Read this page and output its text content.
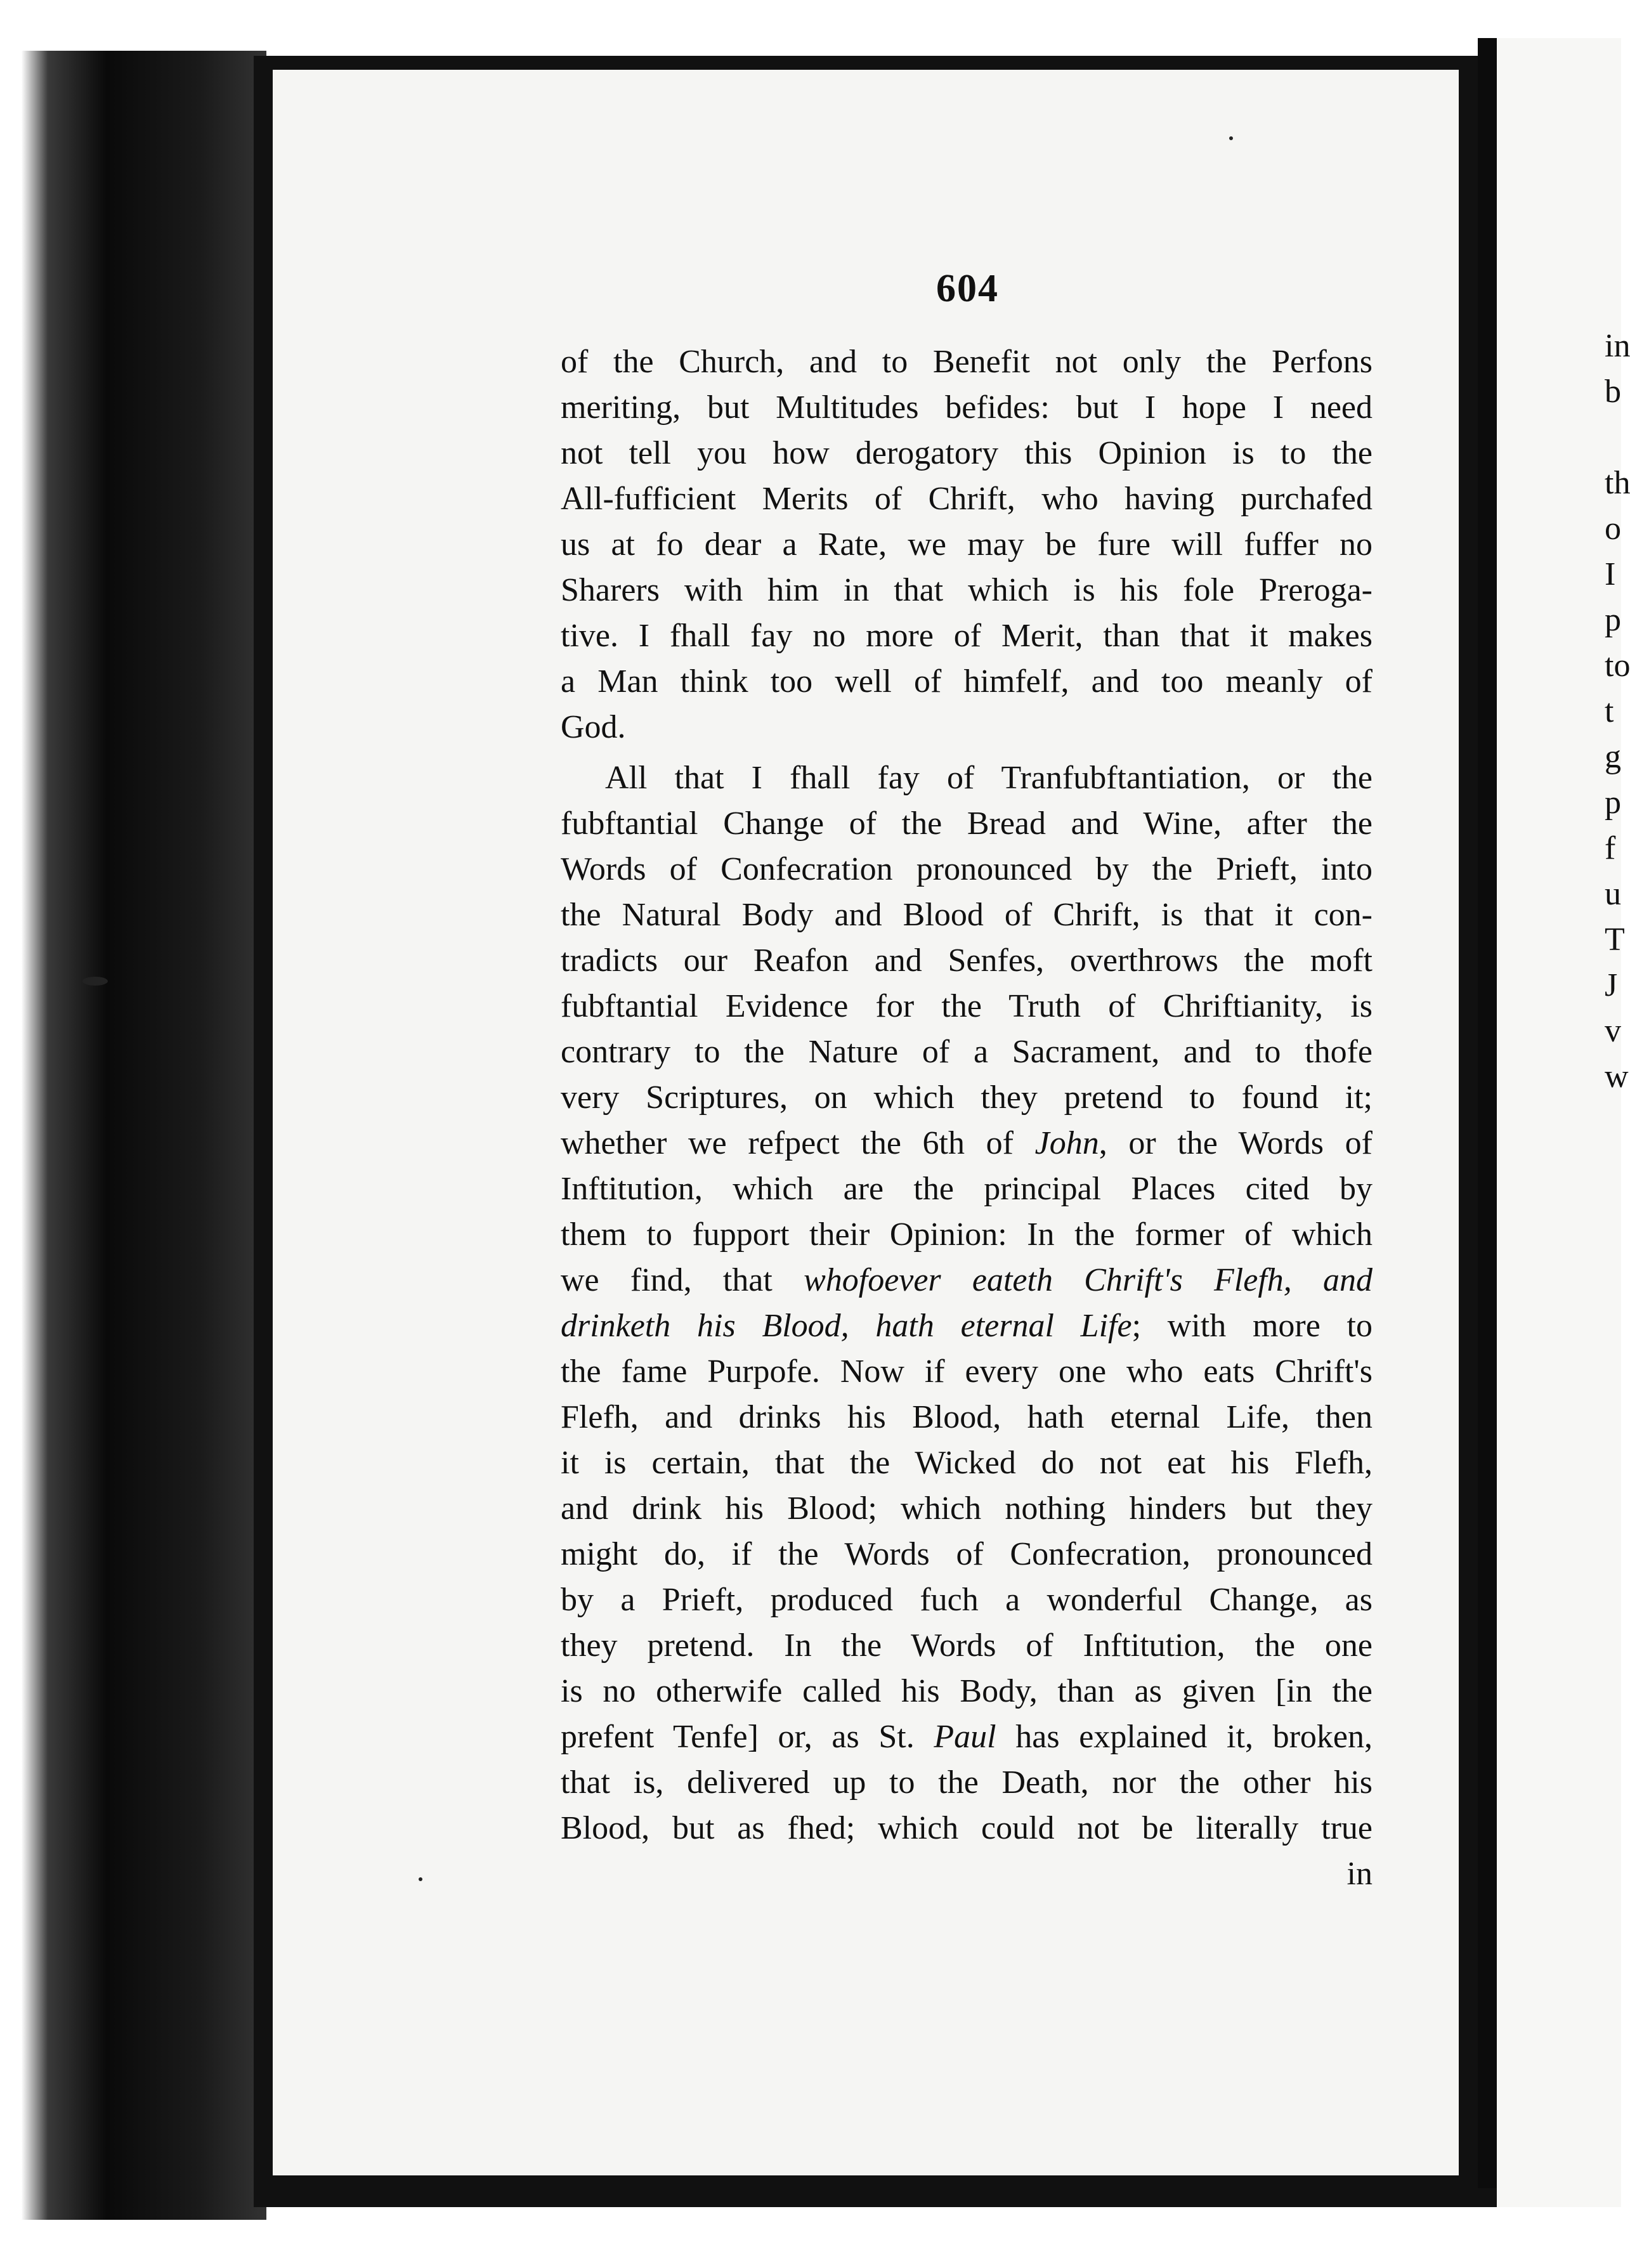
in
b
th
o
I
p
to
t
g
p
f
u
T
J
v
w
604
of the Church, and to Benefit not only the Perfons
meriting, but Multitudes befides: but I hope I need
not tell you how derogatory this Opinion is to the
All-fufficient Merits of Chrift, who having purchafed
us at fo dear a Rate, we may be fure will fuffer no
Sharers with him in that which is his fole Preroga-
tive. I fhall fay no more of Merit, than that it makes
a Man think too well of himfelf, and too meanly of
God.
All that I fhall fay of Tranfubftantiation, or the
fubftantial Change of the Bread and Wine, after the
Words of Confecration pronounced by the Prieft, into
the Natural Body and Blood of Chrift, is that it con-
tradicts our Reafon and Senfes, overthrows the moft
fubftantial Evidence for the Truth of Chriftianity, is
contrary to the Nature of a Sacrament, and to thofe
very Scriptures, on which they pretend to found it;
whether we refpect the 6th of John, or the Words of
Inftitution, which are the principal Places cited by
them to fupport their Opinion: In the former of which
we find, that whofoever eateth Chrift's Flefh, and
drinketh his Blood, hath eternal Life; with more to
the fame Purpofe. Now if every one who eats Chrift's
Flefh, and drinks his Blood, hath eternal Life, then
it is certain, that the Wicked do not eat his Flefh,
and drink his Blood; which nothing hinders but they
might do, if the Words of Confecration, pronounced
by a Prieft, produced fuch a wonderful Change, as
they pretend. In the Words of Inftitution, the one
is no otherwife called his Body, than as given [in the
prefent Tenfe] or, as St. Paul has explained it, broken,
that is, delivered up to the Death, nor the other his
Blood, but as fhed; which could not be literally true
in
